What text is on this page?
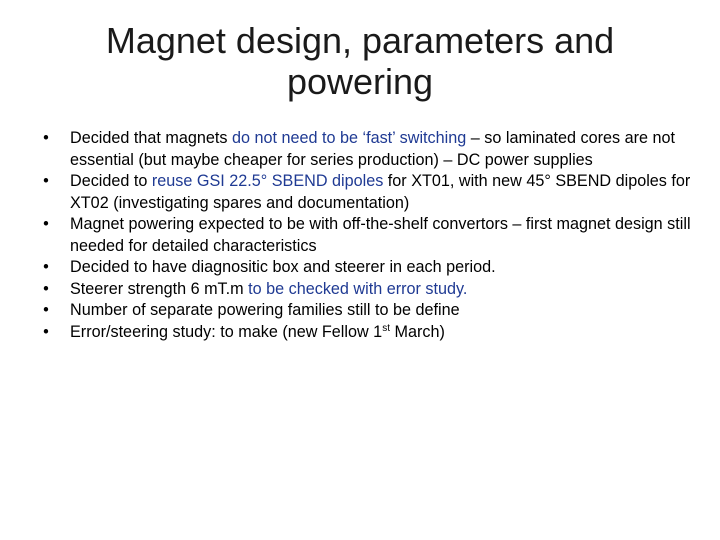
Magnet design, parameters and powering
•	Decided that magnets do not need to be ‘fast’ switching – so laminated cores are not essential (but maybe cheaper for series production) – DC power supplies
•	Decided to reuse GSI 22.5° SBEND dipoles for XT01, with new 45° SBEND dipoles for XT02 (investigating spares and documentation)
•	Magnet powering expected to be with off-the-shelf convertors – first magnet design still needed for detailed characteristics
•	Decided to have diagnositic box and steerer in each period.
•	Steerer strength 6 mT.m to be checked with error study.
•	Number of separate powering families still to be define
•	Error/steering study: to make (new Fellow 1st March)
